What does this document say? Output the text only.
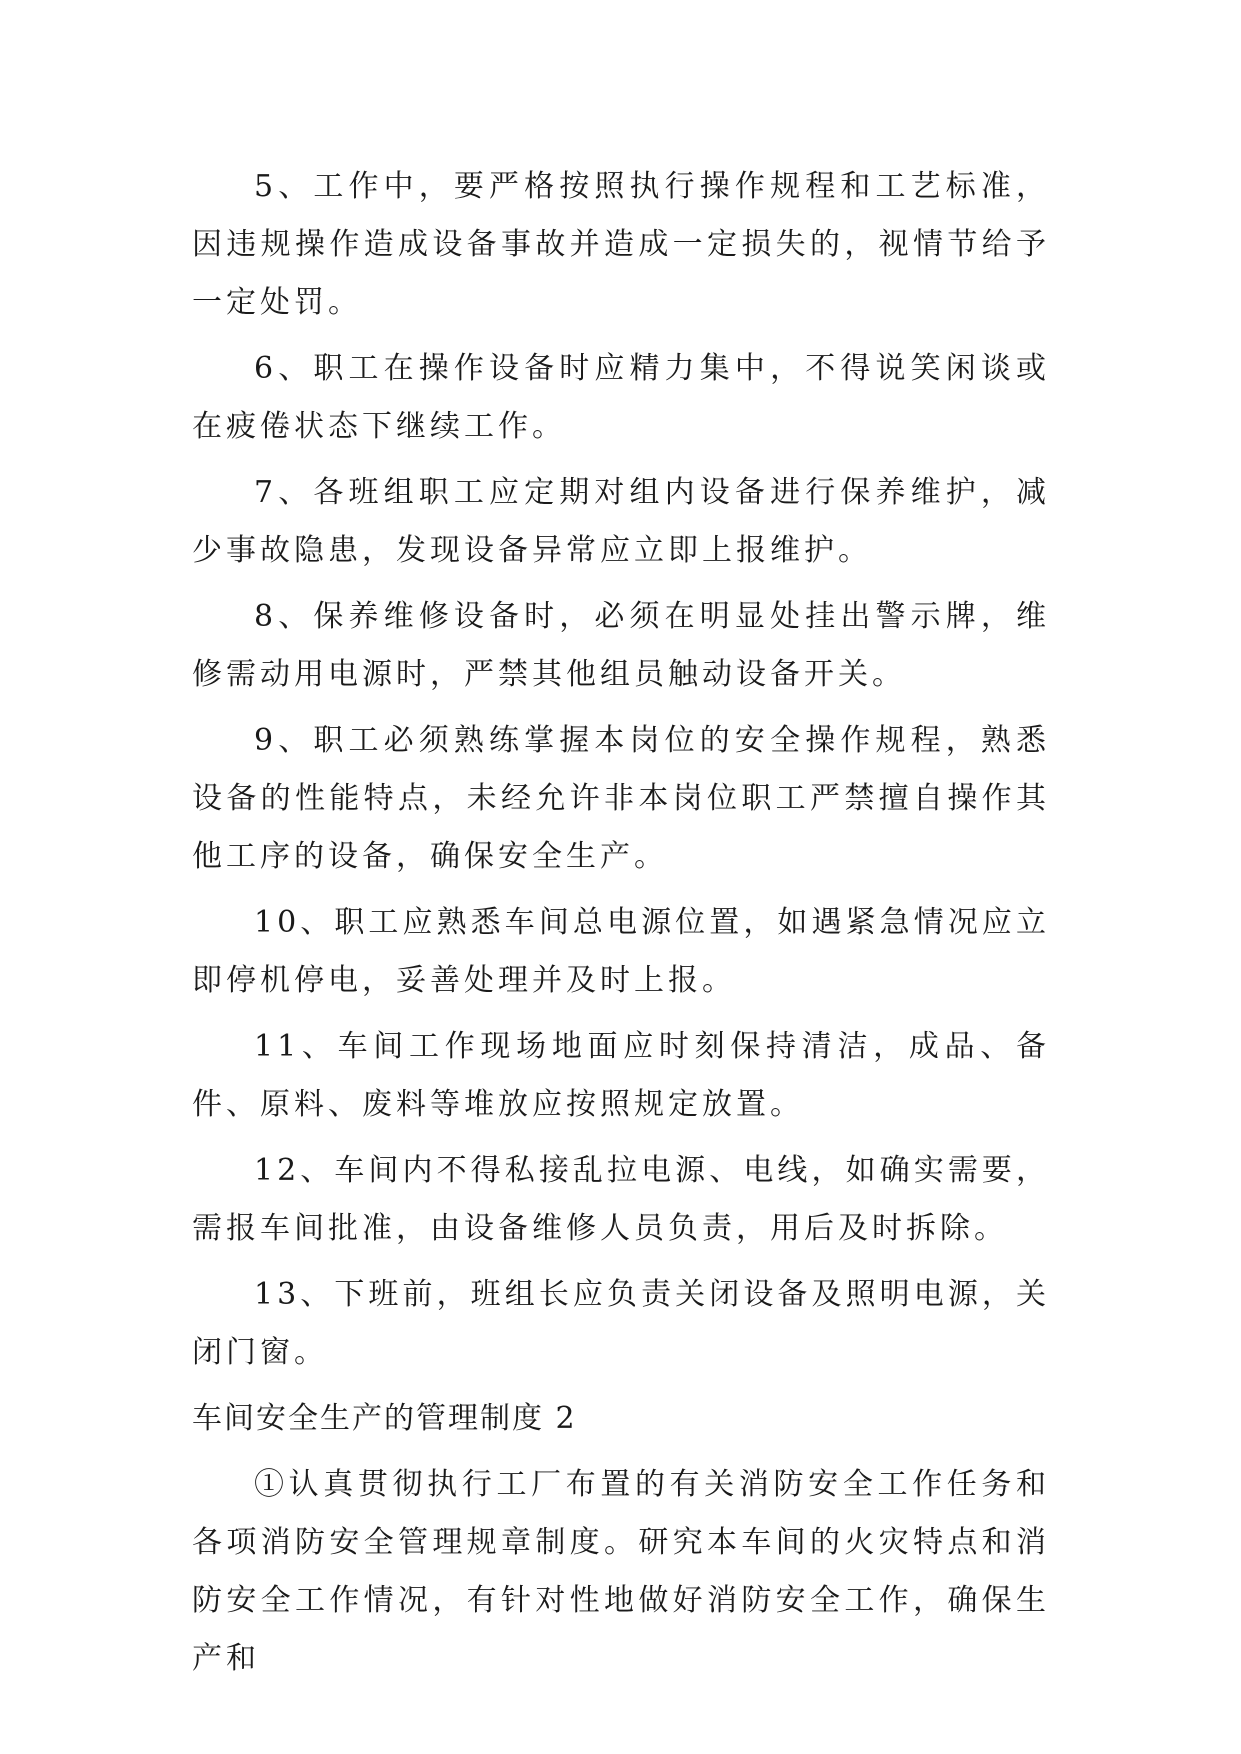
5、工作中，要严格按照执行操作规程和工艺标准，因违规操作造成设备事故并造成一定损失的，视情节给予一定处罚。

6、职工在操作设备时应精力集中，不得说笑闲谈或在疲倦状态下继续工作。

7、各班组职工应定期对组内设备进行保养维护，减少事故隐患，发现设备异常应立即上报维护。

8、保养维修设备时，必须在明显处挂出警示牌，维修需动用电源时，严禁其他组员触动设备开关。

9、职工必须熟练掌握本岗位的安全操作规程，熟悉设备的性能特点，未经允许非本岗位职工严禁擅自操作其他工序的设备，确保安全生产。

10、职工应熟悉车间总电源位置，如遇紧急情况应立即停机停电，妥善处理并及时上报。

11、车间工作现场地面应时刻保持清洁，成品、备件、原料、废料等堆放应按照规定放置。

12、车间内不得私接乱拉电源、电线，如确实需要，需报车间批准，由设备维修人员负责，用后及时拆除。

13、下班前，班组长应负责关闭设备及照明电源，关闭门窗。

车间安全生产的管理制度 2

①认真贯彻执行工厂布置的有关消防安全工作任务和各项消防安全管理规章制度。研究本车间的火灾特点和消防安全工作情况，有针对性地做好消防安全工作，确保生产和
